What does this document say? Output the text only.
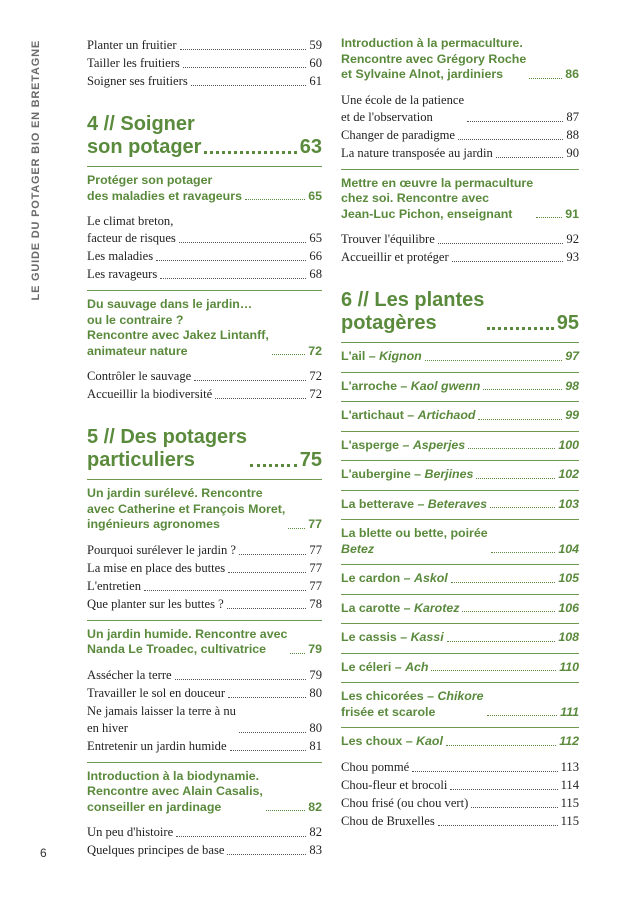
LE GUIDE DU POTAGER BIO EN BRETAGNE
6
Planter un fruitier	59
Tailler les fruitiers	60
Soigner ses fruitiers	61
4 // Soigner
son potager	63
Protéger son potager
des maladies et ravageurs	65
Le climat breton,
facteur de risques	65
Les maladies	66
Les ravageurs	68
Du sauvage dans le jardin…
ou le contraire ?
Rencontre avec Jakez Lintanff,
animateur nature	72
Contrôler le sauvage	72
Accueillir la biodiversité	72
5 // Des potagers
particuliers	75
Un jardin surélevé. Rencontre
avec Catherine et François Moret,
ingénieurs agronomes	77
Pourquoi surélever le jardin ?	77
La mise en place des buttes	77
L'entretien	77
Que planter sur les buttes ?	78
Un jardin humide. Rencontre avec
Nanda Le Troadec, cultivatrice	79
Assécher la terre	79
Travailler le sol en douceur	80
Ne jamais laisser la terre à nu
en hiver	80
Entretenir un jardin humide	81
Introduction à la biodynamie.
Rencontre avec Alain Casalis,
conseiller en jardinage	82
Un peu d'histoire	82
Quelques principes de base	83
Introduction à la permaculture.
Rencontre avec Grégory Roche
et Sylvaine Alnot, jardiniers	86
Une école de la patience
et de l'observation	87
Changer de paradigme	88
La nature transposée au jardin	90
Mettre en œuvre la permaculture
chez soi. Rencontre avec
Jean-Luc Pichon, enseignant	91
Trouver l'équilibre	92
Accueillir et protéger	93
6 // Les plantes
potagères	95
L'ail – Kignon	97
L'arroche – Kaol gwenn	98
L'artichaut – Artichaod	99
L'asperge – Asperjes	100
L'aubergine – Berjines	102
La betterave – Beteraves	103
La blette ou bette, poirée
Betez	104
Le cardon – Askol	105
La carotte – Karotez	106
Le cassis – Kassi	108
Le céleri – Ach	110
Les chicorées – Chikore
frisée et scarole	111
Les choux – Kaol	112
Chou pommé	113
Chou-fleur et brocoli	114
Chou frisé (ou chou vert)	115
Chou de Bruxelles	115
